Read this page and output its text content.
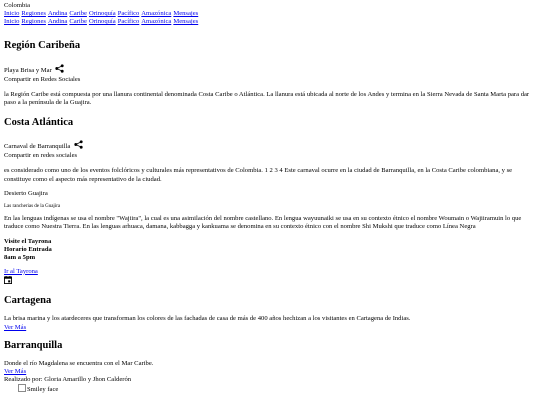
Colombia
Inicio Regiones Andina Caribe Orinoquía Pacífico Amazónica Mensajes
Inicio Regiones Andina Caribe Orinoquía Pacífico Amazónica Mensajes
Región Caribeña
Playa Brisa y Mar
Compartir en Redes Sociales

la Región Caribe está compuesta por una llanura continental denominada Costa Caribe o Atlántica. La llanura está ubicada al norte de los Andes y termina en la Sierra Nevada de Santa Marta para dar paso a la península de la Guajira.

Costa Atlántica
Carnaval de Barranquilla
Compartir en redes sociales

es considerado como uno de los eventos folclóricos y culturales más representativos de Colombia. 1 2 3 4 Este carnaval ocurre en la ciudad de Barranquilla, en la Costa Caribe colombiana, y se constituye como el aspecto más representativo de la ciudad.

Desierto Guajira

Las rancherias de la Guajira

En las lenguas indígenas se usa el nombre "Wajiira", la cual es una asimilación del nombre castellano. En lengua wayuunaiki se usa en su contexto étnico el nombre Woumain o Wajiiramuin lo que traduce como Nuestra Tierra. En las lenguas arhuaca, damana, kabbagga y kankuama se denomina en su contexto étnico con el nombre Shi Mukshi que traduce como Línea Negra

Visite el Tayrona
Horario Entrada
8am a 5pm
Ir al Tayrona
Cartagena

La brisa marina y los atardeceres que transforman los colores de las fachadas de casa de más de 400 años hechizan a los visitantes en Cartagena de Indias.

Ver Más
Barranquilla

Donde el río Magdalena se encuentra con el Mar Caribe.

Ver Más
Realizado por: Gloria Amarillo y Jhon Calderón
Smiley face
